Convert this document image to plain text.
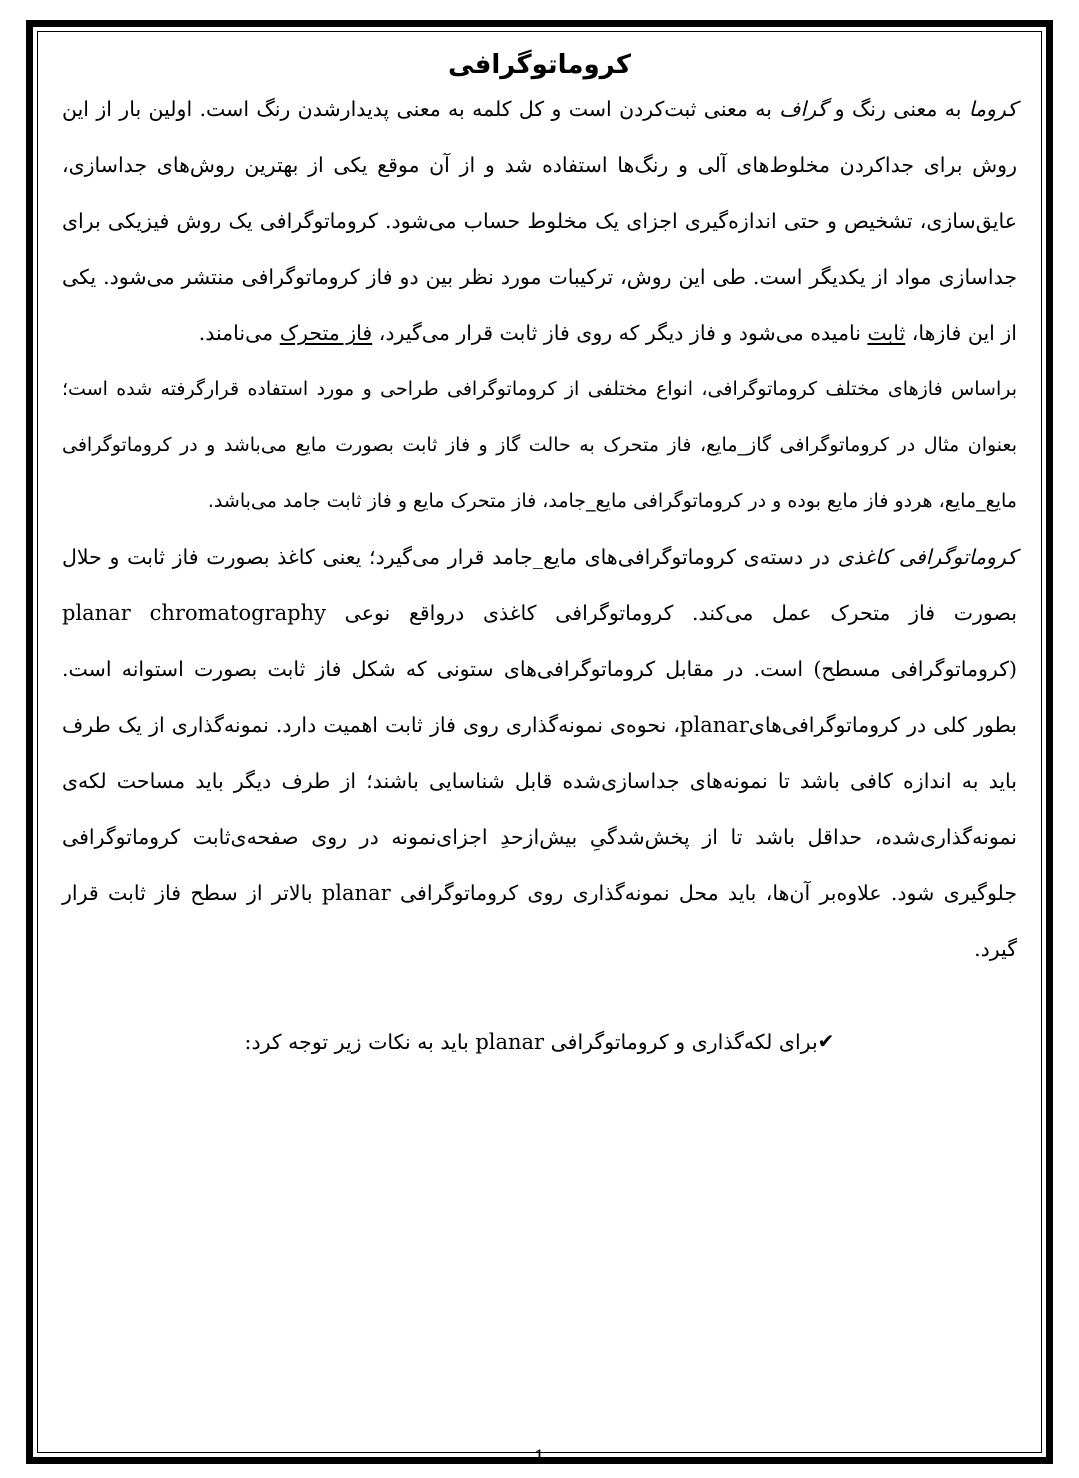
کروماتوگرافی

کروما به معنی رنگ و گراف به معنی ثبت‌کردن است و کل کلمه به معنی پدیدارشدن رنگ است. اولین بار از این روش برای جداکردن مخلوط‌های آلی و رنگ‌ها استفاده شد و از آن موقع یکی از بهترین روش‌های جداسازی، عایق‌سازی، تشخیص و حتی اندازه‌گیری اجزای یک مخلوط حساب می‌شود. کروماتوگرافی یک روش فیزیکی برای جداسازی مواد از یکدیگر است. طی این روش، ترکیبات مورد نظر بین دو فاز کروماتوگرافی منتشر می‌شود. یکی از این فازها، ثابت نامیده می‌شود و فاز دیگر که روی فاز ثابت قرار می‌گیرد، فاز متحرک می‌نامند.

براساس فازهای مختلف کروماتوگرافی، انواع مختلفی از کروماتوگرافی طراحی و مورد استفاده قرارگرفته شده است؛ بعنوان مثال در کروماتوگرافی گاز_مایع، فاز متحرک به حالت گاز و فاز ثابت بصورت مایع می‌باشد و در کروماتوگرافی مایع_مایع، هردو فاز مایع بوده و در کروماتوگرافی مایع_جامد، فاز متحرک مایع و فاز ثابت جامد می‌باشد.

کروماتوگرافی کاغذی در دسته‌ی کروماتوگرافی‌های مایع_جامد قرار می‌گیرد؛ یعنی کاغذ بصورت فاز ثابت و حلال بصورت فاز متحرک عمل می‌کند. کروماتوگرافی کاغذی درواقع نوعی planar chromatography (کروماتوگرافی مسطح) است. در مقابل کروماتوگرافی‌های ستونی که شکل فاز ثابت بصورت استوانه است. بطور کلی در کروماتوگرافی‌هایplanar، نحوه‌ی نمونه‌گذاری روی فاز ثابت اهمیت دارد. نمونه‌گذاری از یک طرف باید به اندازه کافی باشد تا نمونه‌های جداسازی‌شده قابل شناسایی باشند؛ از طرف دیگر باید مساحت لکه‌ی نمونه‌گذاری‌شده، حداقل باشد تا از پخش‌شدگیِ بیش‌ازحدِ اجزای‌نمونه در روی صفحه‌ی‌ثابت کروماتوگرافی جلوگیری شود. علاوه‌بر آن‌ها، باید محل نمونه‌گذاری روی کروماتوگرافی planar بالاتر از سطح فاز ثابت قرار گیرد.

✔برای لکه‌گذاری و کروماتوگرافی planar باید به نکات زیر توجه کرد:

1
